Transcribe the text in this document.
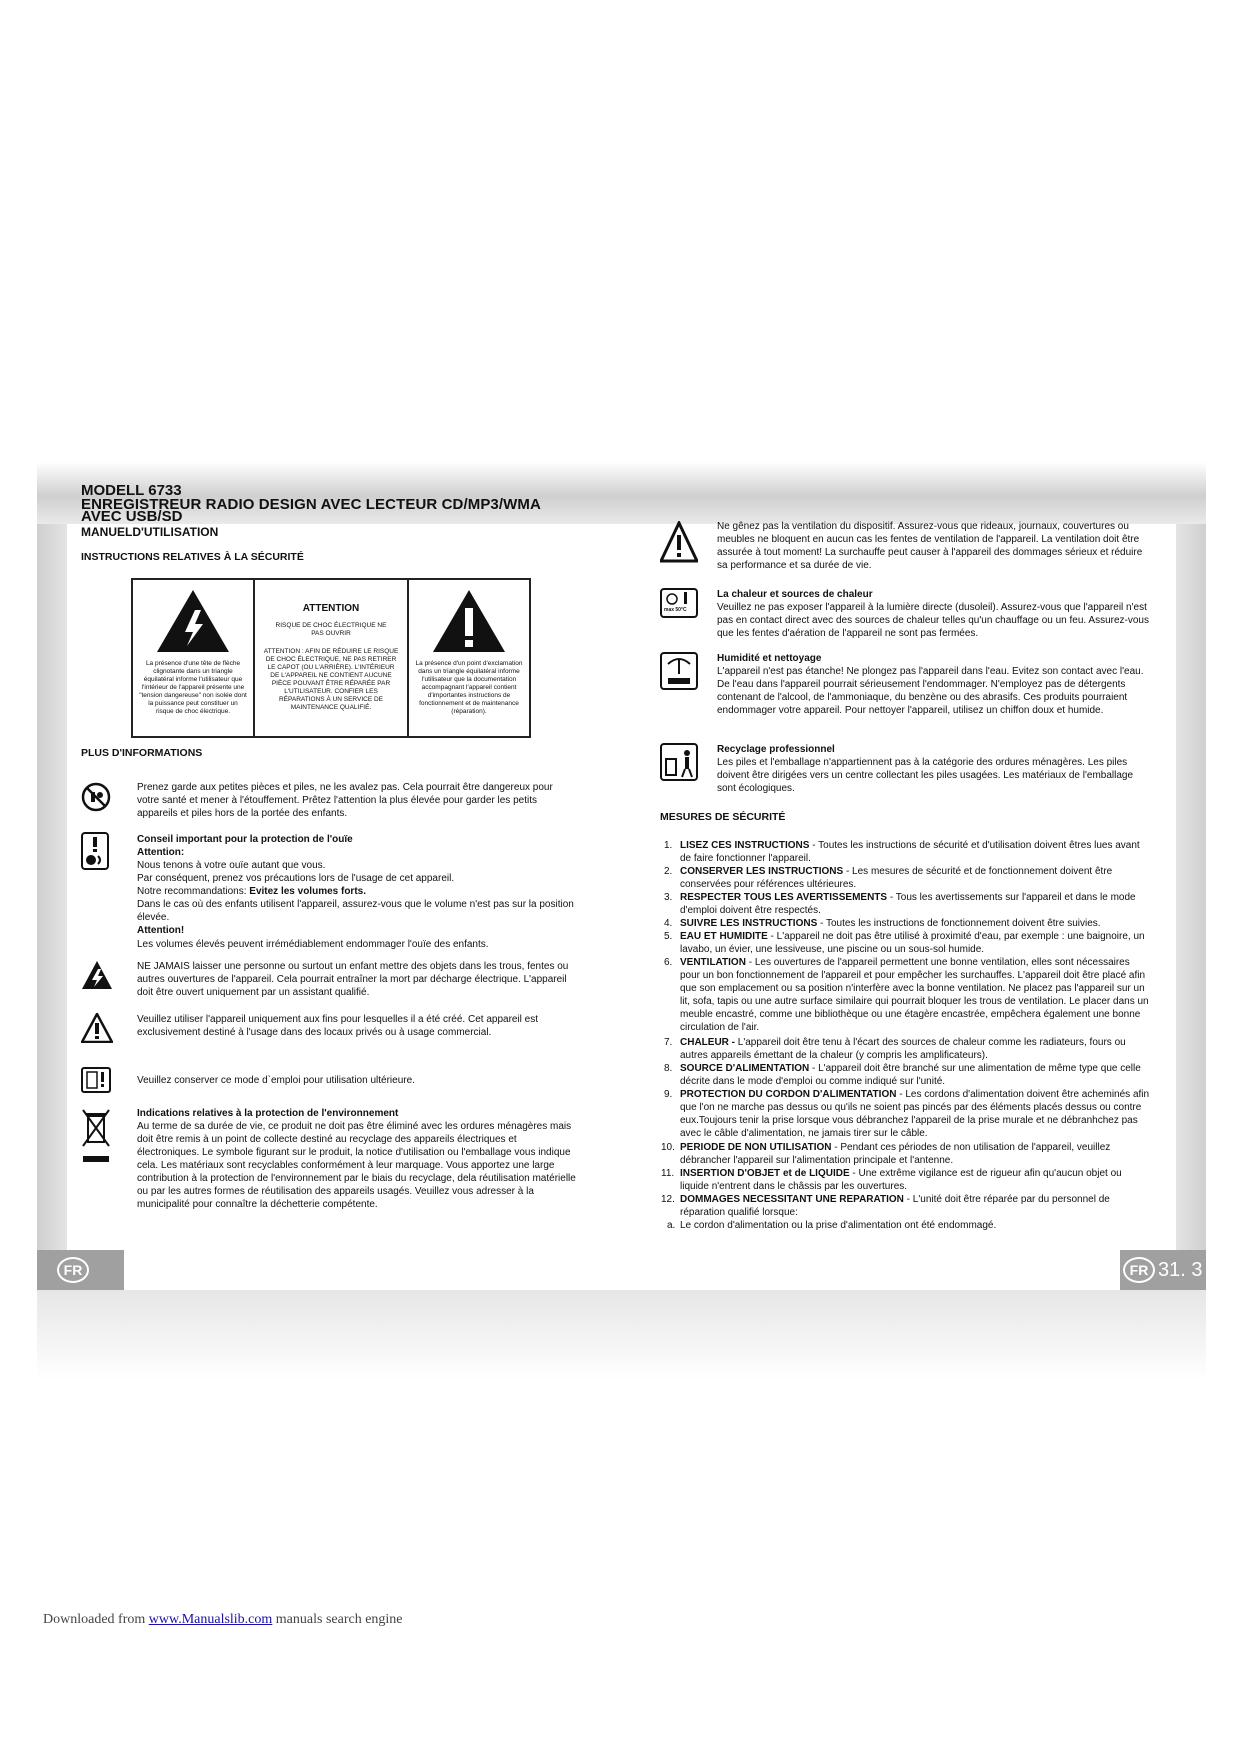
FR	FR 31. 3
MODELL 6733
ENREGISTREUR RADIO DESIGN AVEC LECTEUR CD/MP3/WMA
AVEC USB/SD
MANUELD'UTILISATION
INSTRUCTIONS RELATIVES À LA SÉCURITÉ
La présence d'une tête de flèche clignotante dans un triangle équilatéral informe l'utilisateur que l'intérieur de l'appareil présente une "tension dangereuse" non isolée dont la puissance peut constituer un risque de choc électrique.
ATTENTION
RISQUE DE CHOC ÉLECTRIQUE NE PAS OUVRIR
ATTENTION : AFIN DE RÉDUIRE LE RISQUE DE CHOC ÉLECTRIQUE, NE PAS RETIRER LE CAPOT (OU L'ARRIÈRE). L'INTÉRIEUR DE L'APPAREIL NE CONTIENT AUCUNE PIÈCE POUVANT ÊTRE RÉPARÉE PAR L'UTILISATEUR. CONFIER LES RÉPARATIONS À UN SERVICE DE MAINTENANCE QUALIFIÉ.
La présence d'un point d'exclamation dans un triangle équilatéral informe l'utilisateur que la documentation accompagnant l'appareil contient d'importantes instructions de fonctionnement et de maintenance (réparation).
PLUS D'INFORMATIONS
Prenez garde aux petites pièces et piles, ne les avalez pas. Cela pourrait être dangereux pour votre santé et mener à l'étouffement. Prêtez l'attention la plus élevée pour garder les petits appareils et piles hors de la portée des enfants.
Conseil important pour la protection de l'ouïe
Attention:
Nous tenons à votre ouïe autant que vous.
Par conséquent, prenez vos précautions lors de l'usage de cet appareil.
Notre recommandations: Evitez les volumes forts.
Dans le cas où des enfants utilisent l'appareil, assurez-vous que le volume n'est pas sur la position élevée.
Attention!
Les volumes élevés peuvent irrémédiablement endommager l'ouïe des enfants.
NE JAMAIS laisser une personne ou surtout un enfant mettre des objets dans les trous, fentes ou autres ouvertures de l'appareil. Cela pourrait entraîner la mort par décharge électrique. L'appareil doit être ouvert uniquement par un assistant qualifié.
Veuillez utiliser l'appareil uniquement aux fins pour lesquelles il a été créé. Cet appareil est exclusivement destiné à l'usage dans des locaux privés ou à usage commercial.
Veuillez conserver ce mode d`emploi pour utilisation ultérieure.
Indications relatives à la protection de l'environnement
Au terme de sa durée de vie, ce produit ne doit pas être éliminé avec les ordures ménagères mais doit être remis à un point de collecte destiné au recyclage des appareils électriques et électroniques. Le symbole figurant sur le produit, la notice d'utilisation ou l'emballage vous indique cela. Les matériaux sont recyclables conformément à leur marquage. Vous apportez une large contribution à la protection de l'environnement par le biais du recyclage, dela réutilisation matérielle ou par les autres formes de réutilisation des appareils usagés. Veuillez vous adresser à la municipalité pour connaître la déchetterie compétente.
Ne gênez pas la ventilation du dispositif. Assurez-vous que rideaux, journaux, couvertures ou meubles ne bloquent en aucun cas les fentes de ventilation de l'appareil. La ventilation doit être assurée à tout moment! La surchauffe peut causer à l'appareil des dommages sérieux et réduire sa performance et sa durée de vie.
max 50°C
La chaleur et sources de chaleur
Veuillez ne pas exposer l'appareil à la lumière directe (dusoleil). Assurez-vous que l'appareil n'est pas en contact direct avec des sources de chaleur telles qu'un chauffage ou un feu. Assurez-vous que les fentes d'aération de l'appareil ne sont pas fermées.
Humidité et nettoyage
L'appareil n'est pas étanche! Ne plongez pas l'appareil dans l'eau. Evitez son contact avec l'eau. De l'eau dans l'appareil pourrait sérieusement l'endommager. N'employez pas de détergents contenant de l'alcool, de l'ammoniaque, du benzène ou des abrasifs. Ces produits pourraient endommager votre appareil. Pour nettoyer l'appareil, utilisez un chiffon doux et humide.
Recyclage professionnel
Les piles et l'emballage n'appartiennent pas à la catégorie des ordures ménagères. Les piles doivent être dirigées vers un centre collectant les piles usagées. Les matériaux de l'emballage sont écologiques.
MESURES DE SÉCURITÉ
1. LISEZ CES INSTRUCTIONS - Toutes les instructions de sécurité et d'utilisation doivent êtres lues avant de faire fonctionner l'appareil.
2. CONSERVER LES INSTRUCTIONS - Les mesures de sécurité et de fonctionnement doivent être conservées pour références ultérieures.
3. RESPECTER TOUS LES AVERTISSEMENTS - Tous les avertissements sur l'appareil et dans le mode d'emploi doivent être respectés.
4. SUIVRE LES INSTRUCTIONS - Toutes les instructions de fonctionnement doivent être suivies.
5. EAU ET HUMIDITE - L'appareil ne doit pas être utilisé à proximité d'eau, par exemple : une baignoire, un lavabo, un évier, une lessiveuse, une piscine ou un sous-sol humide.
6. VENTILATION - Les ouvertures de l'appareil permettent une bonne ventilation, elles sont nécessaires pour un bon fonctionnement de l'appareil et pour empêcher les surchauffes. L'appareil doit être placé afin que son emplacement ou sa position n'interfère avec la bonne ventilation. Ne placez pas l'appareil sur un lit, sofa, tapis ou une autre surface similaire qui pourrait bloquer les trous de ventilation. Le placer dans un meuble encastré, comme une bibliothèque ou une étagère encastrée, empêchera également une bonne circulation de l'air.
7. CHALEUR - L'appareil doit être tenu à l'écart des sources de chaleur comme les radiateurs, fours ou autres appareils émettant de la chaleur (y compris les amplificateurs).
8. SOURCE D'ALIMENTATION - L'appareil doit être branché sur une alimentation de même type que celle décrite dans le mode d'emploi ou comme indiqué sur l'unité.
9. PROTECTION DU CORDON D'ALIMENTATION - Les cordons d'alimentation doivent être acheminés afin que l'on ne marche pas dessus ou qu'ils ne soient pas pincés par des éléments placés dessus ou contre eux.Toujours tenir la prise lorsque vous débranchez l'appareil de la prise murale et ne débranhchez pas avec le câble d'alimentation, ne jamais tirer sur le câble.
10. PERIODE DE NON UTILISATION - Pendant ces périodes de non utilisation de l'appareil, veuillez débrancher l'appareil sur l'alimentation principale et l'antenne.
11. INSERTION D'OBJET et de LIQUIDE - Une extrême vigilance est de rigueur afin qu'aucun objet ou liquide n'entrent dans le châssis par les ouvertures.
12. DOMMAGES NECESSITANT UNE REPARATION - L'unité doit être réparée par du personnel de réparation qualifié lorsque:
a. Le cordon d'alimentation ou la prise d'alimentation ont été endommagé.
Downloaded from www.Manualslib.com manuals search engine
